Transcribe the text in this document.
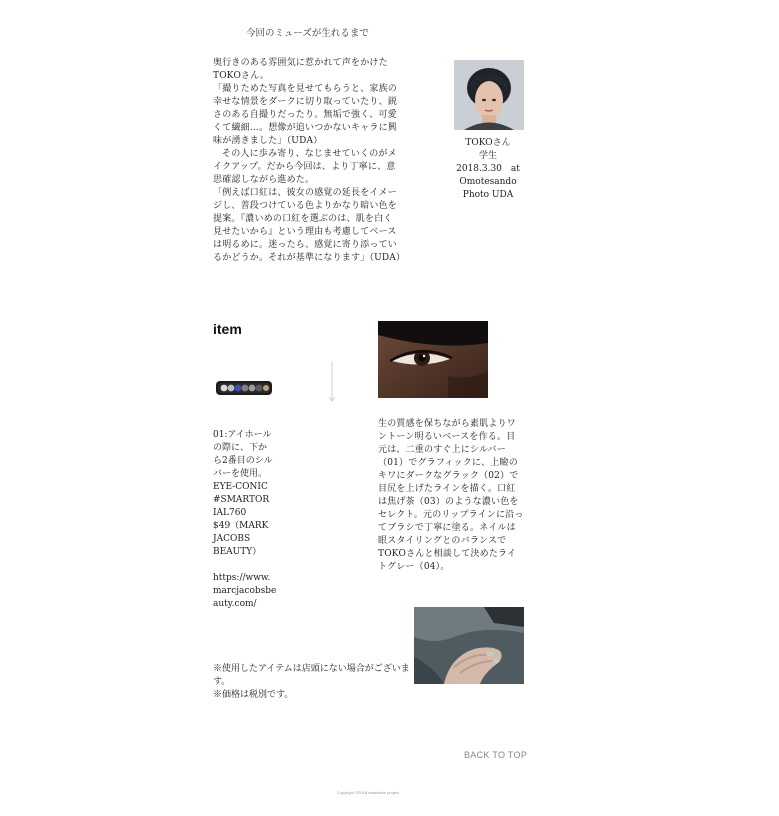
今回のミューズが生れるまで

奥行きのある雰囲気に惹かれて声をかけたTOKOさん。

「撮りためた写真を見せてもらうと、家族の幸せな情景をダークに切り取っていたり、鋭さのある自撮りだったり。無垢で強く、可愛くて繊細…。想像が追いつかないキャラに興味が湧きました」（UDA）

その人に歩み寄り、なじませていくのがメイクアップ。だから今回は、より丁寧に、意思確認しながら進めた。

「例えば口紅は、彼女の感覚の延長をイメージし、普段つけている色よりかなり暗い色を提案。『濃いめの口紅を選ぶのは、肌を白く見せたいから』という理由も考慮してベースは明るめに。迷ったら、感覚に寄り添っているかどうか。それが基準になります」（UDA）

TOKOさん
学生
2018.3.30　at
Omotesando
Photo UDA
item
01:アイホール
の際に、下か
ら2番目のシル
バーを使用。
EYE-CONIC
#SMARTOR
IAL760
$49（MARK
JACOBS
BEAUTY）
https://www.
marcjacobsbe
auty.com/
生の質感を保ちながら素肌よりワントーン明るいベースを作る。目元は、二重のすぐ上にシルバー（01）でグラフィックに、上瞼のキワにダークなグラック（02）で目尻を上げたラインを描く。口紅は焦げ茶（03）のような濃い色をセレクト。元のリップラインに沿ってブラシで丁寧に塗る。ネイルは眼スタイリングとのバランスでTOKOさんと相談して決めたライトグレー（04）。
※使用したアイテムは店頭にない場合がございます。
※価格は税別です。
BACK TO TOP
Copyright ©2018 snakeskin project
